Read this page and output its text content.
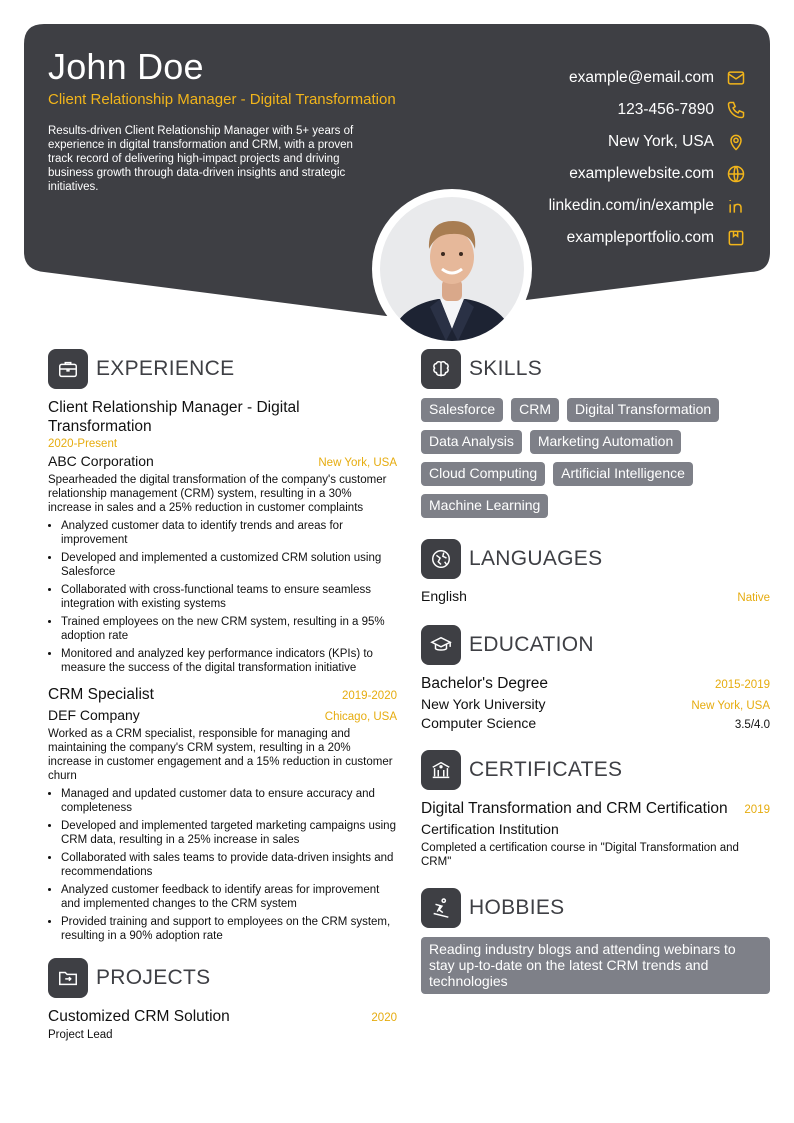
John Doe
Client Relationship Manager - Digital Transformation
Results-driven Client Relationship Manager with 5+ years of experience in digital transformation and CRM, with a proven track record of delivering high-impact projects and driving business growth through data-driven insights and strategic initiatives.
example@email.com
123-456-7890
New York, USA
examplewebsite.com
linkedin.com/in/example
exampleportfolio.com
EXPERIENCE
Client Relationship Manager - Digital Transformation
2020-Present
ABC Corporation	New York, USA
Spearheaded the digital transformation of the company's customer relationship management (CRM) system, resulting in a 30% increase in sales and a 25% reduction in customer complaints
• Analyzed customer data to identify trends and areas for improvement
• Developed and implemented a customized CRM solution using Salesforce
• Collaborated with cross-functional teams to ensure seamless integration with existing systems
• Trained employees on the new CRM system, resulting in a 95% adoption rate
• Monitored and analyzed key performance indicators (KPIs) to measure the success of the digital transformation initiative
CRM Specialist	2019-2020
DEF Company	Chicago, USA
Worked as a CRM specialist, responsible for managing and maintaining the company's CRM system, resulting in a 20% increase in customer engagement and a 15% reduction in customer churn
• Managed and updated customer data to ensure accuracy and completeness
• Developed and implemented targeted marketing campaigns using CRM data, resulting in a 25% increase in sales
• Collaborated with sales teams to provide data-driven insights and recommendations
• Analyzed customer feedback to identify areas for improvement and implemented changes to the CRM system
• Provided training and support to employees on the CRM system, resulting in a 90% adoption rate
PROJECTS
Customized CRM Solution	2020
Project Lead
SKILLS
Salesforce	CRM	Digital Transformation
Data Analysis	Marketing Automation
Cloud Computing	Artificial Intelligence
Machine Learning
LANGUAGES
English	Native
EDUCATION
Bachelor's Degree	2015-2019
New York University	New York, USA
Computer Science	3.5/4.0
CERTIFICATES
Digital Transformation and CRM Certification 2019
Certification Institution
Completed a certification course in "Digital Transformation and CRM"
HOBBIES
Reading industry blogs and attending webinars to stay up-to-date on the latest CRM trends and technologies
